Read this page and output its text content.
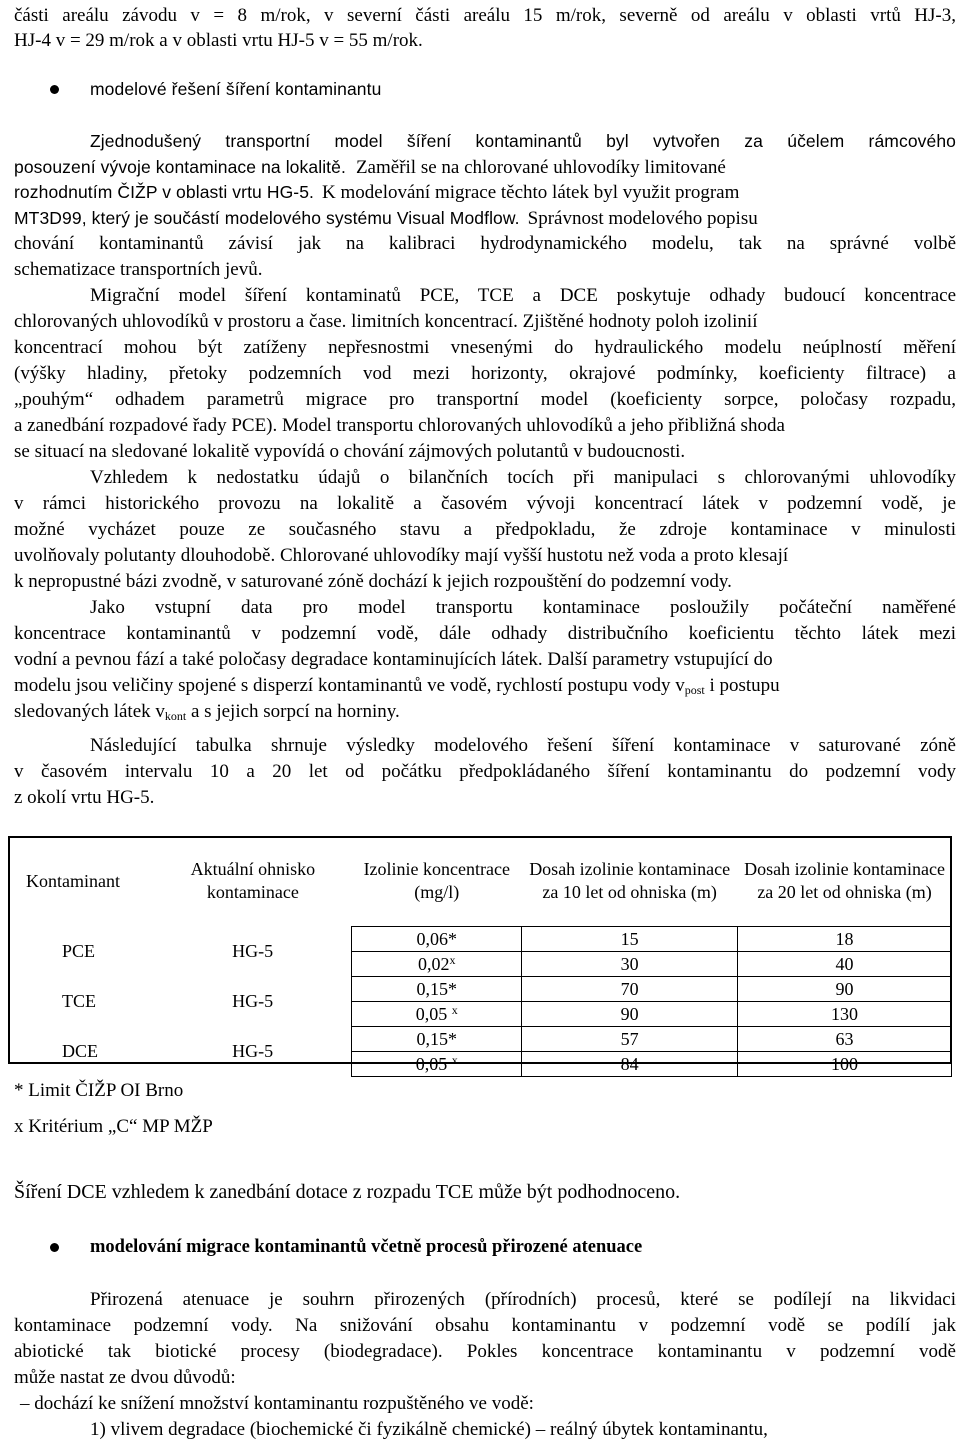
části areálu závodu v = 8 m/rok, v severní části areálu 15 m/rok, severně od areálu v oblasti vrtů HJ-3,
HJ-4 v = 29 m/rok a v oblasti vrtu HJ-5 v = 55 m/rok.
modelové řešení šíření kontaminantu
Zjednodušený transportní model šíření kontaminantů byl vytvořen za účelem rámcového
posouzení vývoje kontaminace na lokalitě. Zaměřil se na chlorované uhlovodíky limitované
rozhodnutím ČIŽP v oblasti vrtu HG-5. K modelování migrace těchto látek byl využit program
MT3D99, který je součástí modelového systému Visual Modflow. Správnost modelového popisu
chování kontaminantů závisí jak na kalibraci hydrodynamického modelu, tak na správné volbě
schematizace transportních jevů.
Migrační model šíření kontaminatů PCE, TCE a DCE poskytuje odhady budoucí koncentrace
chlorovaných uhlovodíků v prostoru a čase. limitních koncentrací. Zjištěné hodnoty poloh izolinií
koncentrací mohou být zatíženy nepřesnostmi vnesenými do hydraulického modelu neúplností měření
(výšky hladiny, přetoky podzemních vod mezi horizonty, okrajové podmínky, koeficienty filtrace) a
„pouhým“ odhadem parametrů migrace pro transportní model (koeficienty sorpce, poločasy rozpadu,
a zanedbání rozpadové řady PCE). Model transportu chlorovaných uhlovodíků a jeho přibližná shoda
se situací na sledované lokalitě vypovídá o chování zájmových polutantů v budoucnosti.
Vzhledem k nedostatku údajů o bilančních tocích při manipulaci s chlorovanými uhlovodíky
v rámci historického provozu na lokalitě a časovém vývoji koncentrací látek v podzemní vodě, je
možné vycházet pouze ze současného stavu a předpokladu, že zdroje kontaminace v minulosti
uvolňovaly polutanty dlouhodobě. Chlorované uhlovodíky mají vyšší hustotu než voda a proto klesají
k nepropustné bázi zvodně, v saturované zóně dochází k jejich rozpouštění do podzemní vody.
Jako vstupní data pro model transportu kontaminace posloužily počáteční naměřené
koncentrace kontaminantů v podzemní vodě, dále odhady distribučního koeficientu těchto látek mezi
vodní a pevnou fází a také poločasy degradace kontaminujících látek. Další parametry vstupující do
modelu jsou veličiny spojené s disperzí kontaminantů ve vodě, rychlostí postupu vody $v_{post}$ i postupu
sledovaných látek $v_{kont}$ a s jejich sorpcí na horniny.
Následující tabulka shrnuje výsledky modelového řešení šíření kontaminace v saturované zóně
v časovém intervalu 10 a 20 let od počátku předpokládaného šíření kontaminantu do podzemní vody
z okolí vrtu HG-5.
Kontaminant	Aktuální ohnisko kontaminace	Izolinie koncentrace (mg/l)	Dosah izolinie kontaminace za 10 let od ohniska (m)	Dosah izolinie kontaminace za 20 let od ohniska (m)
PCE	HG-5	0,06*	15	18
		0,02$^x$	30	40
TCE	HG-5	0,15*	70	90
		0,05 $^x$	90	130
DCE	HG-5	0,15*	57	63
		0,05 $^x$	84	100
* Limit ČIŽP OI Brno
x Kritérium „C“ MP MŽP
Šíření DCE vzhledem k zanedbání dotace z rozpadu TCE může být podhodnoceno.
modelování migrace kontaminantů včetně procesů přirozené atenuace
Přirozená atenuace je souhrn přirozených (přírodních) procesů, které se podílejí na likvidaci
kontaminace podzemní vody. Na snižování obsahu kontaminantu v podzemní vodě se podílí jak
abiotické tak biotické procesy (biodegradace). Pokles koncentrace kontaminantu v podzemní vodě
může nastat ze dvou důvodů:
– dochází ke snížení množství kontaminantu rozpuštěného ve vodě:
1) vlivem degradace (biochemické či fyzikálně chemické) – reálný úbytek kontaminantu,
